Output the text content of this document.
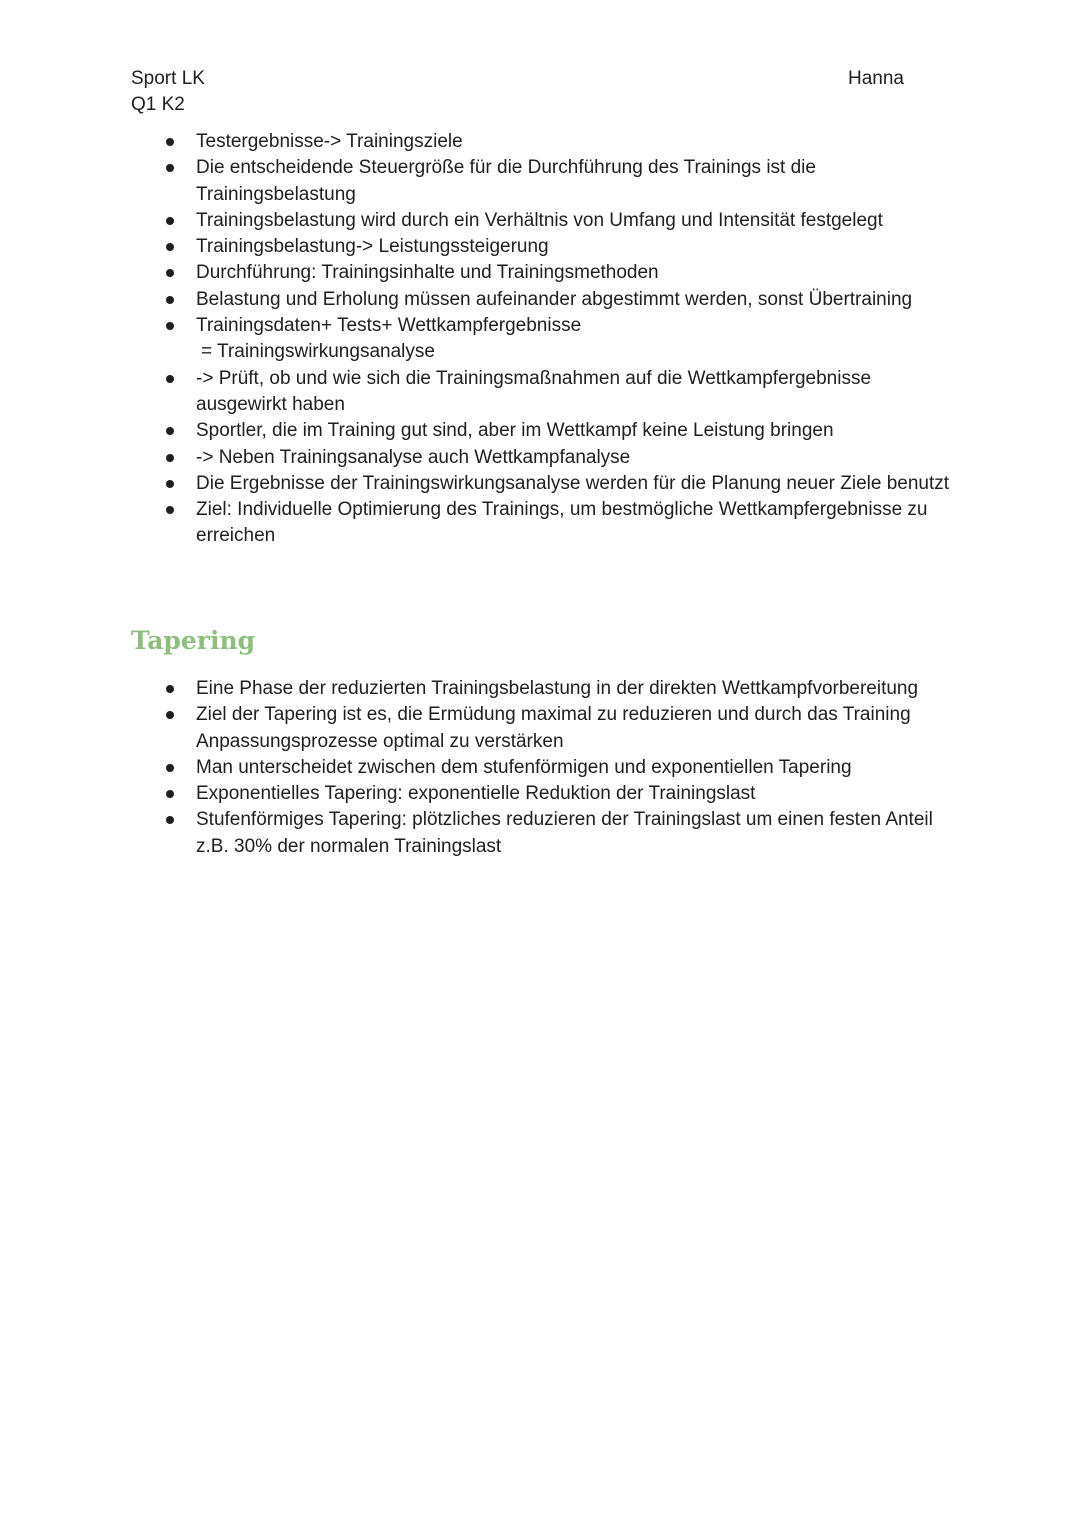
Sport LK
Q1 K2
Hanna
Testergebnisse-> Trainingsziele
Die entscheidende Steuergröße für die Durchführung des Trainings ist die Trainingsbelastung
Trainingsbelastung wird durch ein Verhältnis von Umfang und Intensität festgelegt
Trainingsbelastung-> Leistungssteigerung
Durchführung: Trainingsinhalte und Trainingsmethoden
Belastung und Erholung müssen aufeinander abgestimmt werden, sonst Übertraining
Trainingsdaten+ Tests+ Wettkampfergebnisse
= Trainingswirkungsanalyse
-> Prüft, ob und wie sich die Trainingsmaßnahmen auf die Wettkampfergebnisse ausgewirkt haben
Sportler, die im Training gut sind, aber im Wettkampf keine Leistung bringen
-> Neben Trainingsanalyse auch Wettkampfanalyse
Die Ergebnisse der Trainingswirkungsanalyse werden für die Planung neuer Ziele benutzt
Ziel: Individuelle Optimierung des Trainings, um bestmögliche Wettkampfergebnisse zu erreichen
Tapering
Eine Phase der reduzierten Trainingsbelastung in der direkten Wettkampfvorbereitung
Ziel der Tapering ist es, die Ermüdung maximal zu reduzieren und durch das Training Anpassungsprozesse optimal zu verstärken
Man unterscheidet zwischen dem stufenförmigen und exponentiellen Tapering
Exponentielles Tapering: exponentielle Reduktion der Trainingslast
Stufenförmiges Tapering: plötzliches reduzieren der Trainingslast um einen festen Anteil z.B. 30% der normalen Trainingslast
